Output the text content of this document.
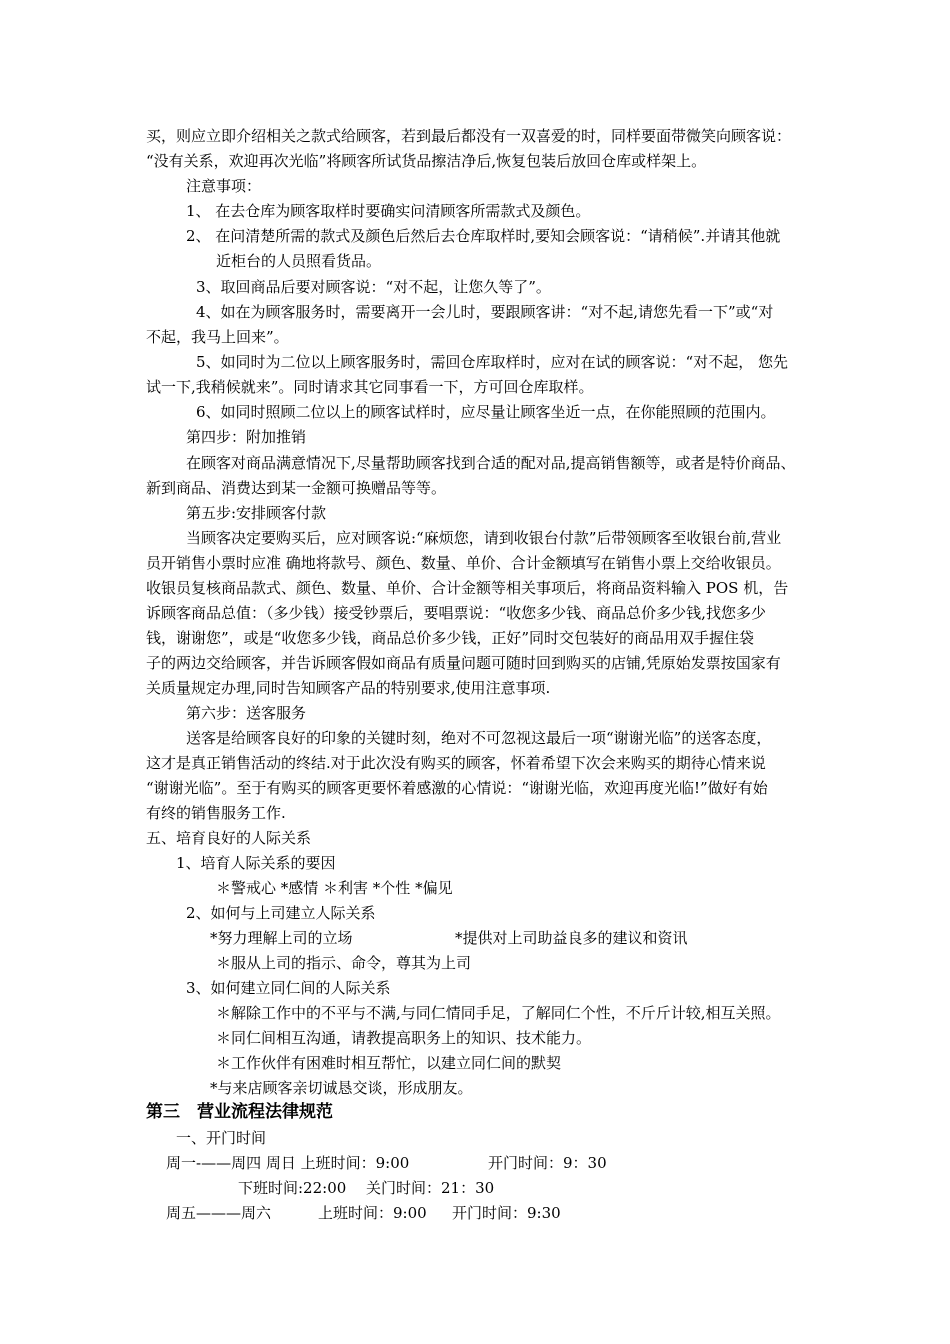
买，则应立即介绍相关之款式给顾客，若到最后都没有一双喜爱的时，同样要面带微笑向顾客说：
“没有关系，欢迎再次光临”将顾客所试货品擦洁净后,恢复包装后放回仓库或样架上。
注意事项：
1、 在去仓库为顾客取样时要确实问清顾客所需款式及颜色。
2、 在问清楚所需的款式及颜色后然后去仓库取样时,要知会顾客说：“请稍候”.并请其他就
近柜台的人员照看货品。
3、取回商品后要对顾客说：“对不起，让您久等了”。
4、如在为顾客服务时，需要离开一会儿时，要跟顾客讲：“对不起,请您先看一下”或“对
不起，我马上回来”。
5、如同时为二位以上顾客服务时，需回仓库取样时，应对在试的顾客说：“对不起， 您先
试一下,我稍候就来”。同时请求其它同事看一下，方可回仓库取样。
6、如同时照顾二位以上的顾客试样时，应尽量让顾客坐近一点，在你能照顾的范围内。
第四步：附加推销
在顾客对商品满意情况下,尽量帮助顾客找到合适的配对品,提高销售额等，或者是特价商品、
新到商品、消费达到某一金额可换赠品等等。
第五步:安排顾客付款
当顾客决定要购买后，应对顾客说:“麻烦您，请到收银台付款”后带领顾客至收银台前,营业
员开销售小票时应准 确地将款号、颜色、数量、单价、合计金额填写在销售小票上交给收银员。
收银员复核商品款式、颜色、数量、单价、合计金额等相关事项后，将商品资料输入 POS 机，告
诉顾客商品总值：（多少钱）接受钞票后，要唱票说：“收您多少钱、商品总价多少钱,找您多少
钱，谢谢您”，或是“收您多少钱，商品总价多少钱，正好”同时交包装好的商品用双手握住袋
子的两边交给顾客，并告诉顾客假如商品有质量问题可随时回到购买的店铺,凭原始发票按国家有
关质量规定办理,同时告知顾客产品的特别要求,使用注意事项.
第六步：送客服务
送客是给顾客良好的印象的关键时刻，绝对不可忽视这最后一项“谢谢光临”的送客态度，
这才是真正销售活动的终结.对于此次没有购买的顾客，怀着希望下次会来购买的期待心情来说
“谢谢光临”。至于有购买的顾客更要怀着感激的心情说：“谢谢光临，欢迎再度光临!”做好有始
有终的销售服务工作.
五、培育良好的人际关系
1、培育人际关系的要因
＊警戒心 *感情 ＊利害 *个性 *偏见
2、如何与上司建立人际关系
*努力理解上司的立场	*提供对上司助益良多的建议和资讯
＊服从上司的指示、命令，尊其为上司
3、如何建立同仁间的人际关系
＊解除工作中的不平与不满,与同仁情同手足，了解同仁个性，不斤斤计较,相互关照。
＊同仁间相互沟通，请教提高职务上的知识、技术能力。
＊工作伙伴有困难时相互帮忙，以建立同仁间的默契
*与来店顾客亲切诚恳交谈，形成朋友。
第三　营业流程法律规范
一、开门时间
周一-——周四 周日 上班时间：9:00	开门时间：9：30
下班时间:22:00 关门时间：21：30
周五———周六	上班时间：9:00 开门时间：9:30
